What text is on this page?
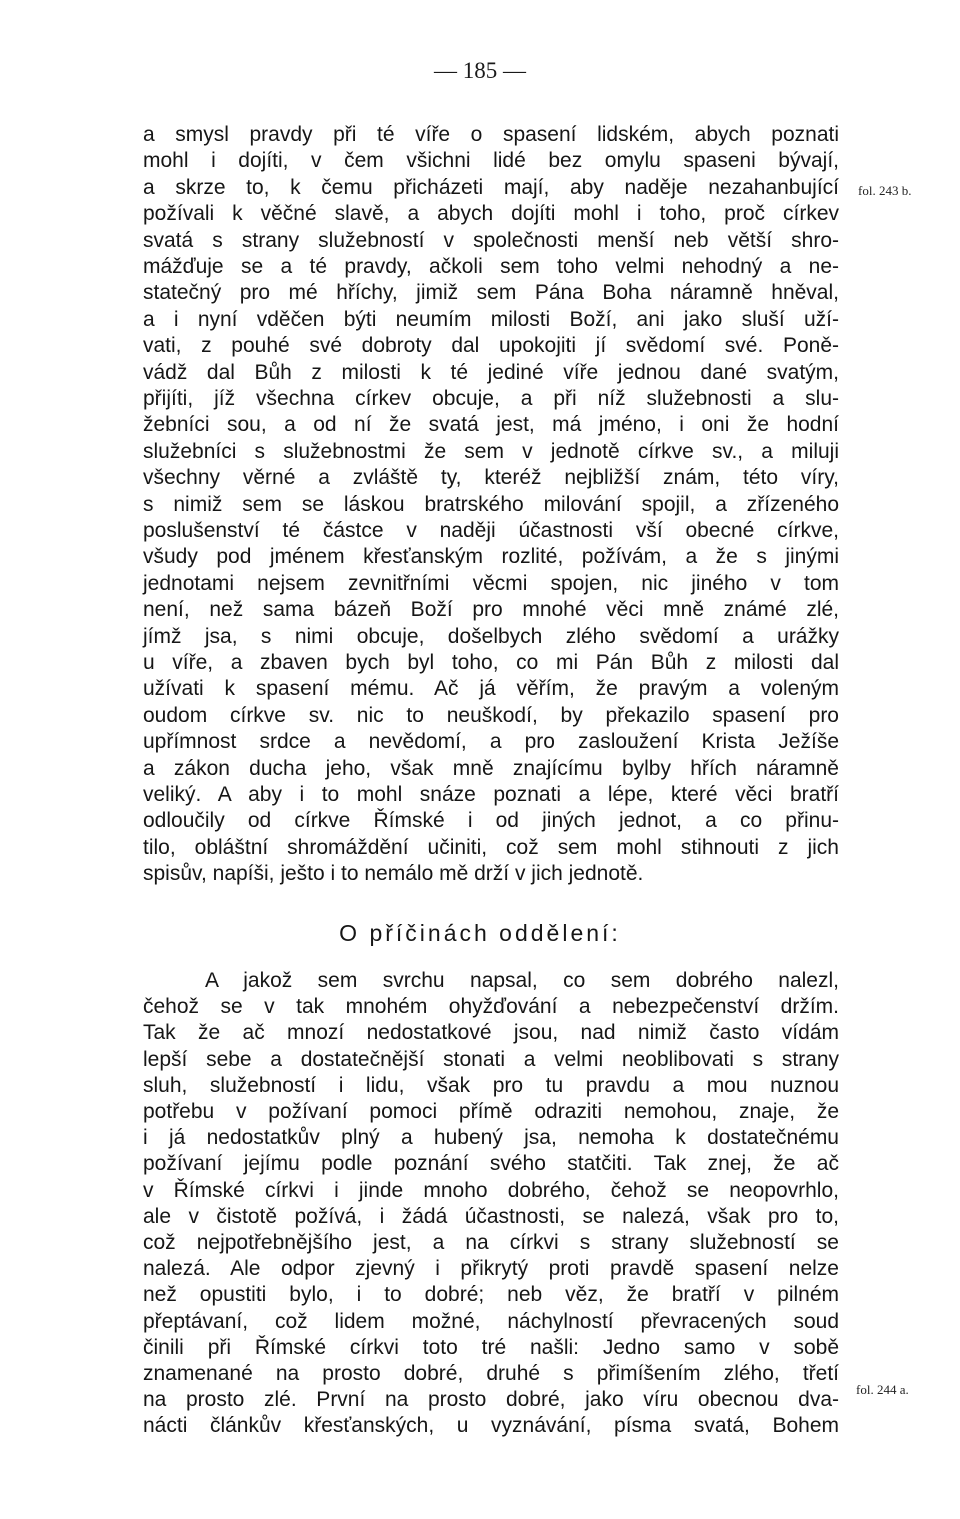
— 185 —
a smysl pravdy při té víře o spasení lidském, abych poznati
mohl i dojíti, v čem všichni lidé bez omylu spaseni bývají,
a skrze to, k čemu přicházeti mají, aby naděje nezahanbující
požívali k věčné slavě, a abych dojíti mohl i toho, proč církev
svatá s strany služebností v společnosti menší neb větší shro-
mážďuje se a té pravdy, ačkoli sem toho velmi nehodný a ne-
statečný pro mé hříchy, jimiž sem Pána Boha náramně hněval,
a i nyní vděčen býti neumím milosti Boží, ani jako sluší uží-
vati, z pouhé své dobroty dal upokojiti jí svědomí své. Poně-
vádž dal Bůh z milosti k té jediné víře jednou dané svatým,
přijíti, jíž všechna církev obcuje, a při níž služebnosti a slu-
žebníci sou, a od ní že svatá jest, má jméno, i oni že hodní
služebníci s služebnostmi že sem v jednotě církve sv., a miluji
všechny věrné a zvláště ty, kteréž nejbližší znám, této víry,
s nimiž sem se láskou bratrského milování spojil, a zřízeného
poslušenství té částce v naději účastnosti vší obecné církve,
všudy pod jménem křesťanským rozlité, požívám, a že s jinými
jednotami nejsem zevnitřními věcmi spojen, nic jiného v tom
není, než sama bázeň Boží pro mnohé věci mně známé zlé,
jímž jsa, s nimi obcuje, došelbych zlého svědomí a urážky
u víře, a zbaven bych byl toho, co mi Pán Bůh z milosti dal
užívati k spasení mému. Ač já věřím, že pravým a voleným
oudom církve sv. nic to neuškodí, by překazilo spasení pro
upřímnost srdce a nevědomí, a pro zasloužení Krista Ježíše
a zákon ducha jeho, však mně znajícímu bylby hřích náramně
veliký. A aby i to mohl snáze poznati a lépe, které věci bratří
odloučily od církve Římské i od jiných jednot, a co přinu-
tilo, obláštní shromáždění učiniti, což sem mohl stihnouti z jich
spisův, napíši, ješto i to nemálo mě drží v jich jednotě.
O příčinách oddělení:
A jakož sem svrchu napsal, co sem dobrého nalezl,
čehož se v tak mnohém ohyžďování a nebezpečenství držím.
Tak že ač mnozí nedostatkové jsou, nad nimiž často vídám
lepší sebe a dostatečnější stonati a velmi neoblibovati s strany
sluh, služebností i lidu, však pro tu pravdu a mou nuznou
potřebu v požívaní pomoci přímě odraziti nemohou, znaje, že
i já nedostatkův plný a hubený jsa, nemoha k dostatečnému
požívaní jejímu podle poznání svého statčiti. Tak znej, že ač
v Římské církvi i jinde mnoho dobrého, čehož se neopovrhlo,
ale v čistotě požívá, i žádá účastnosti, se nalezá, však pro to,
což nejpotřebnějšího jest, a na církvi s strany služebností se
nalezá. Ale odpor zjevný i přikrytý proti pravdě spasení nelze
než opustiti bylo, i to dobré; neb věz, že bratří v pilném
přeptávaní, což lidem možné, náchylností převracených soud
činili při Římské církvi toto tré našli: Jedno samo v sobě
znamenané na prosto dobré, druhé s přimíšením zlého, třetí
na prosto zlé. První na prosto dobré, jako víru obecnou dva-
nácti článkův křesťanských, u vyznávání, písma svatá, Bohem
fol. 243 b.
fol. 244 a.
